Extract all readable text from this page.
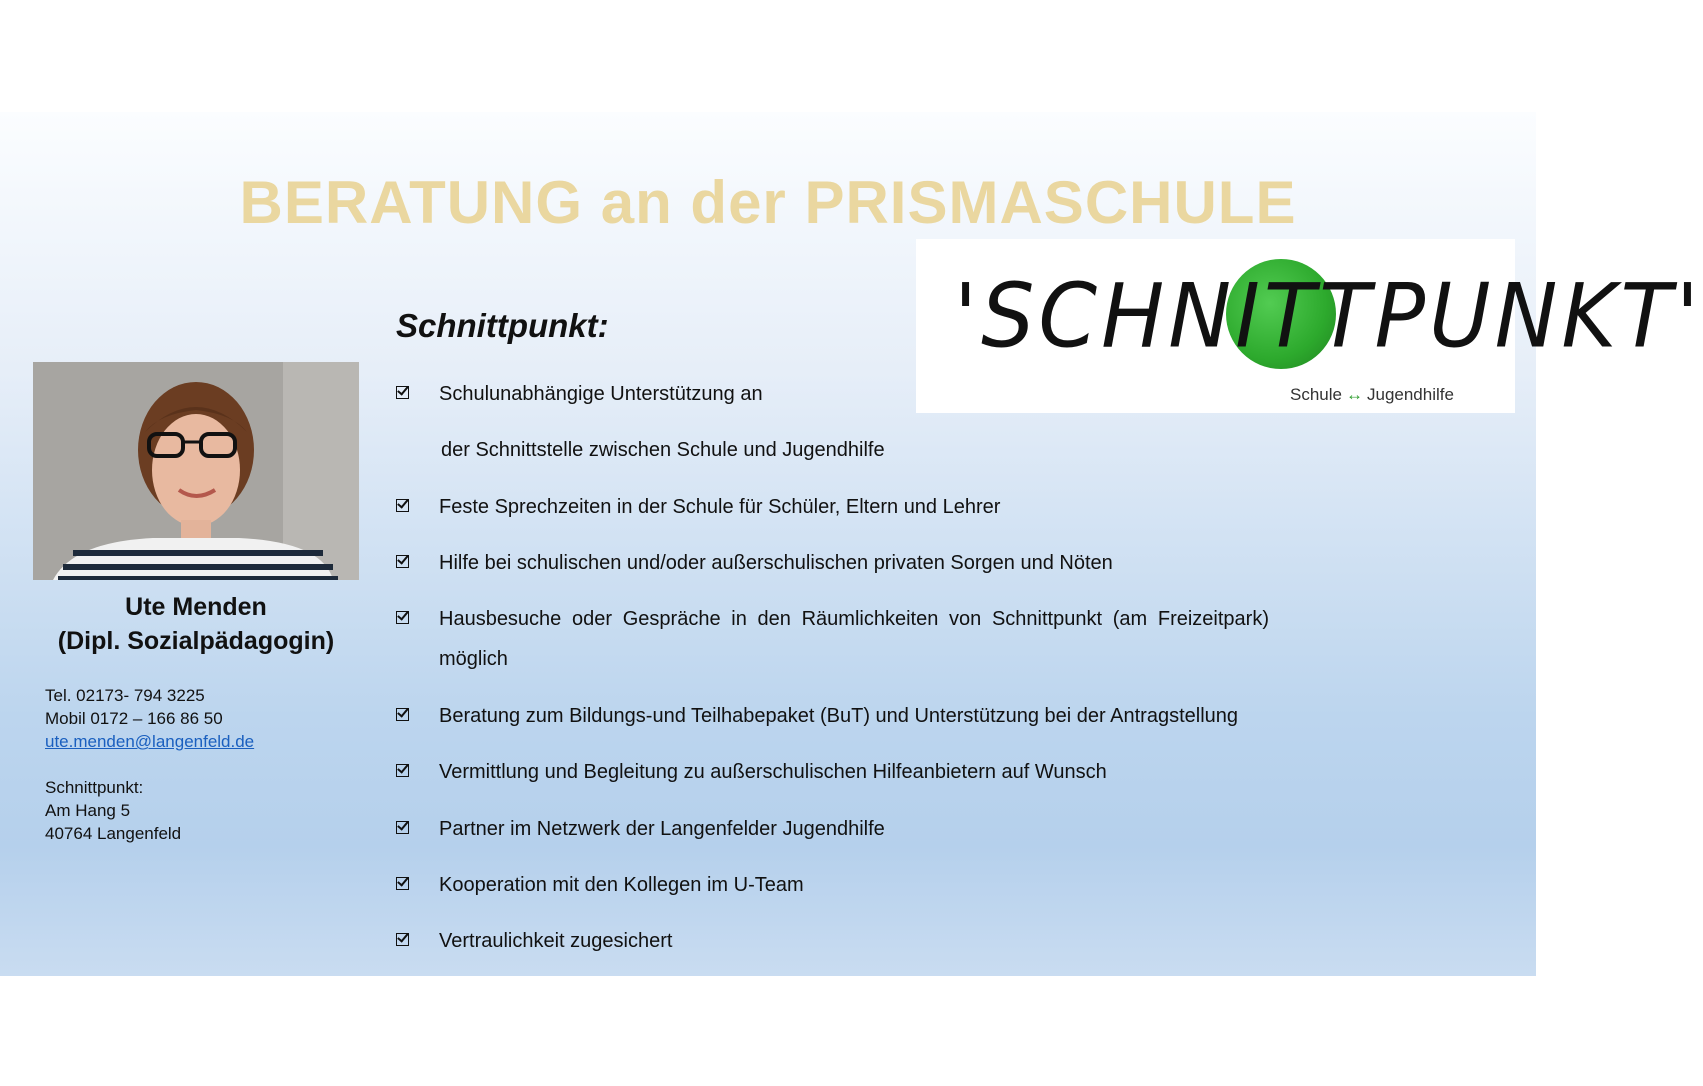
BERATUNG an der PRISMASCHULE
'SCHNITTPUNKT'
Schule ↔ Jugendhilfe
Schnittpunkt:
Ute Menden
(Dipl. Sozialpädagogin)
Tel. 02173- 794 3225
Mobil 0172 – 166 86 50
ute.menden@langenfeld.de
Schnittpunkt:
Am Hang 5
40764 Langenfeld
Schulunabhängige Unterstützung an
der Schnittstelle zwischen Schule und Jugendhilfe
Feste Sprechzeiten in der Schule für Schüler, Eltern und Lehrer
Hilfe bei schulischen und/oder außerschulischen privaten Sorgen und Nöten
Hausbesuche oder Gespräche in den Räumlichkeiten von Schnittpunkt (am Freizeitpark) möglich
Beratung zum Bildungs-und Teilhabepaket (BuT) und Unterstützung bei der Antragstellung
Vermittlung und Begleitung zu außerschulischen Hilfeanbietern auf Wunsch
Partner im Netzwerk der Langenfelder Jugendhilfe
Kooperation mit den Kollegen im U-Team
Vertraulichkeit zugesichert
